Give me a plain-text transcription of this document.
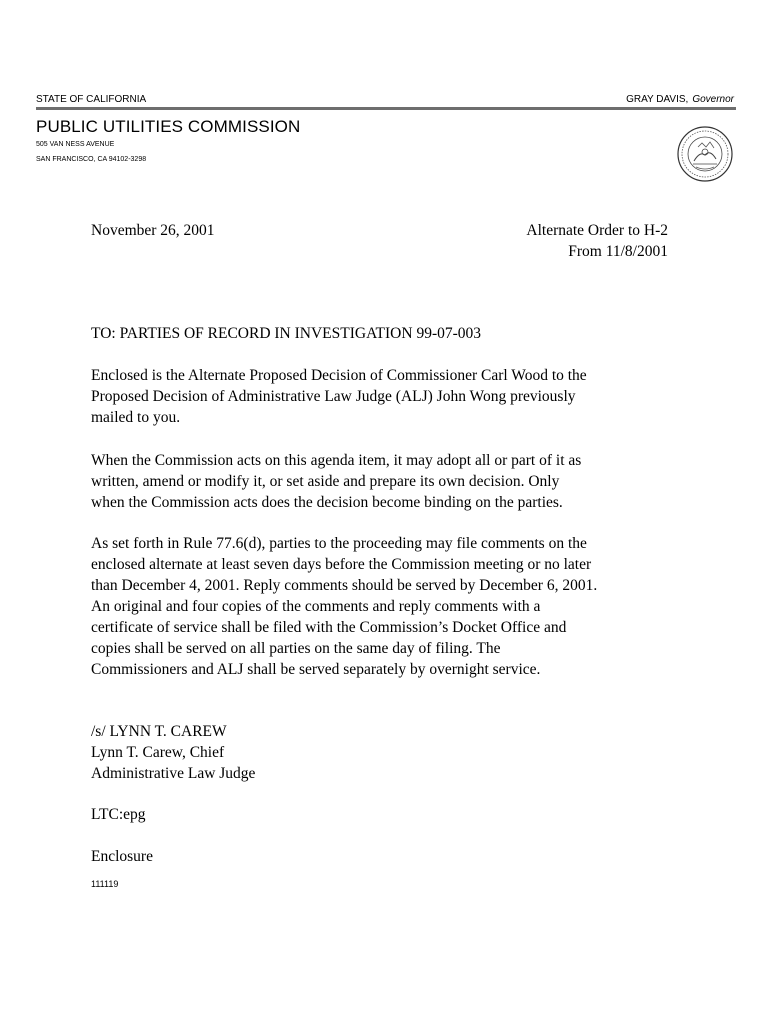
STATE OF CALIFORNIA	GRAY DAVIS, Governor
PUBLIC UTILITIES COMMISSION
505 VAN NESS AVENUE
SAN FRANCISCO, CA 94102-3298
November 26, 2001	Alternate Order to H-2
From 11/8/2001
TO: PARTIES OF RECORD IN INVESTIGATION 99-07-003
Enclosed is the Alternate Proposed Decision of Commissioner Carl Wood to the
Proposed Decision of Administrative Law Judge (ALJ) John Wong previously
mailed to you.
When the Commission acts on this agenda item, it may adopt all or part of it as
written, amend or modify it, or set aside and prepare its own decision. Only
when the Commission acts does the decision become binding on the parties.
As set forth in Rule 77.6(d), parties to the proceeding may file comments on the
enclosed alternate at least seven days before the Commission meeting or no later
than December 4, 2001. Reply comments should be served by December 6, 2001.
An original and four copies of the comments and reply comments with a
certificate of service shall be filed with the Commission’s Docket Office and
copies shall be served on all parties on the same day of filing. The
Commissioners and ALJ shall be served separately by overnight service.
/s/ LYNN T. CAREW
Lynn T. Carew, Chief
Administrative Law Judge
LTC:epg
Enclosure
111119
